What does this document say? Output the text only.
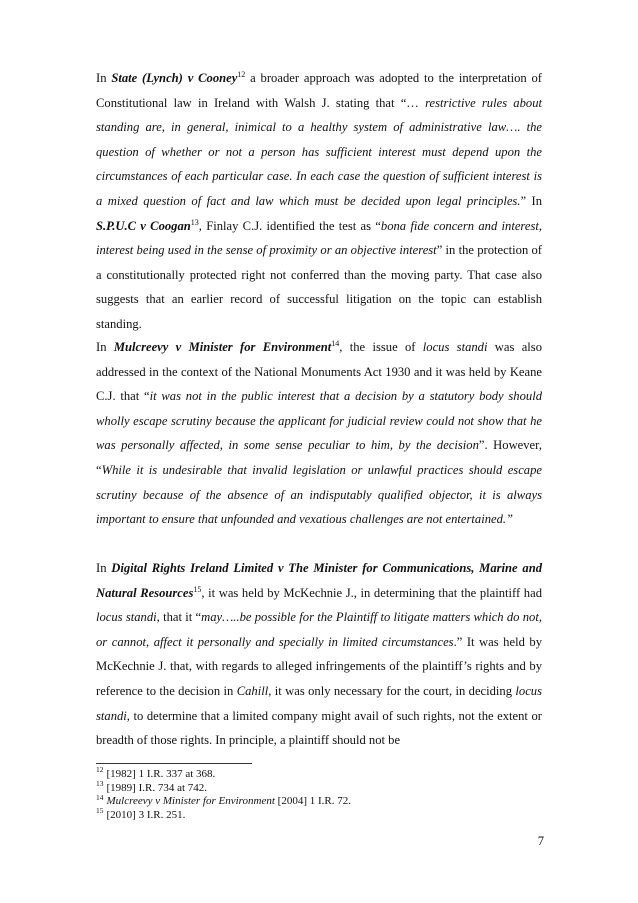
In State (Lynch) v Cooney$^{12}$ a broader approach was adopted to the interpretation of Constitutional law in Ireland with Walsh J. stating that “… restrictive rules about standing are, in general, inimical to a healthy system of administrative law…. the question of whether or not a person has sufficient interest must depend upon the circumstances of each particular case. In each case the question of sufficient interest is a mixed question of fact and law which must be decided upon legal principles.” In S.P.U.C v Coogan$^{13}$, Finlay C.J. identified the test as “bona fide concern and interest, interest being used in the sense of proximity or an objective interest” in the protection of a constitutionally protected right not conferred than the moving party. That case also suggests that an earlier record of successful litigation on the topic can establish standing.

In Mulcreevy v Minister for Environment$^{14}$, the issue of locus standi was also addressed in the context of the National Monuments Act 1930 and it was held by Keane C.J. that “it was not in the public interest that a decision by a statutory body should wholly escape scrutiny because the applicant for judicial review could not show that he was personally affected, in some sense peculiar to him, by the decision”. However, “While it is undesirable that invalid legislation or unlawful practices should escape scrutiny because of the absence of an indisputably qualified objector, it is always important to ensure that unfounded and vexatious challenges are not entertained.”

In Digital Rights Ireland Limited v The Minister for Communications, Marine and Natural Resources$^{15}$, it was held by McKechnie J., in determining that the plaintiff had locus standi, that it “may…..be possible for the Plaintiff to litigate matters which do not, or cannot, affect it personally and specially in limited circumstances.” It was held by McKechnie J. that, with regards to alleged infringements of the plaintiff’s rights and by reference to the decision in Cahill, it was only necessary for the court, in deciding locus standi, to determine that a limited company might avail of such rights, not the extent or breadth of those rights. In principle, a plaintiff should not be

$^{12}$ [1982] 1 I.R. 337 at 368.

$^{13}$ [1989] I.R. 734 at 742.

$^{14}$ Mulcreevy v Minister for Environment [2004] 1 I.R. 72.

$^{15}$ [2010] 3 I.R. 251.

7
